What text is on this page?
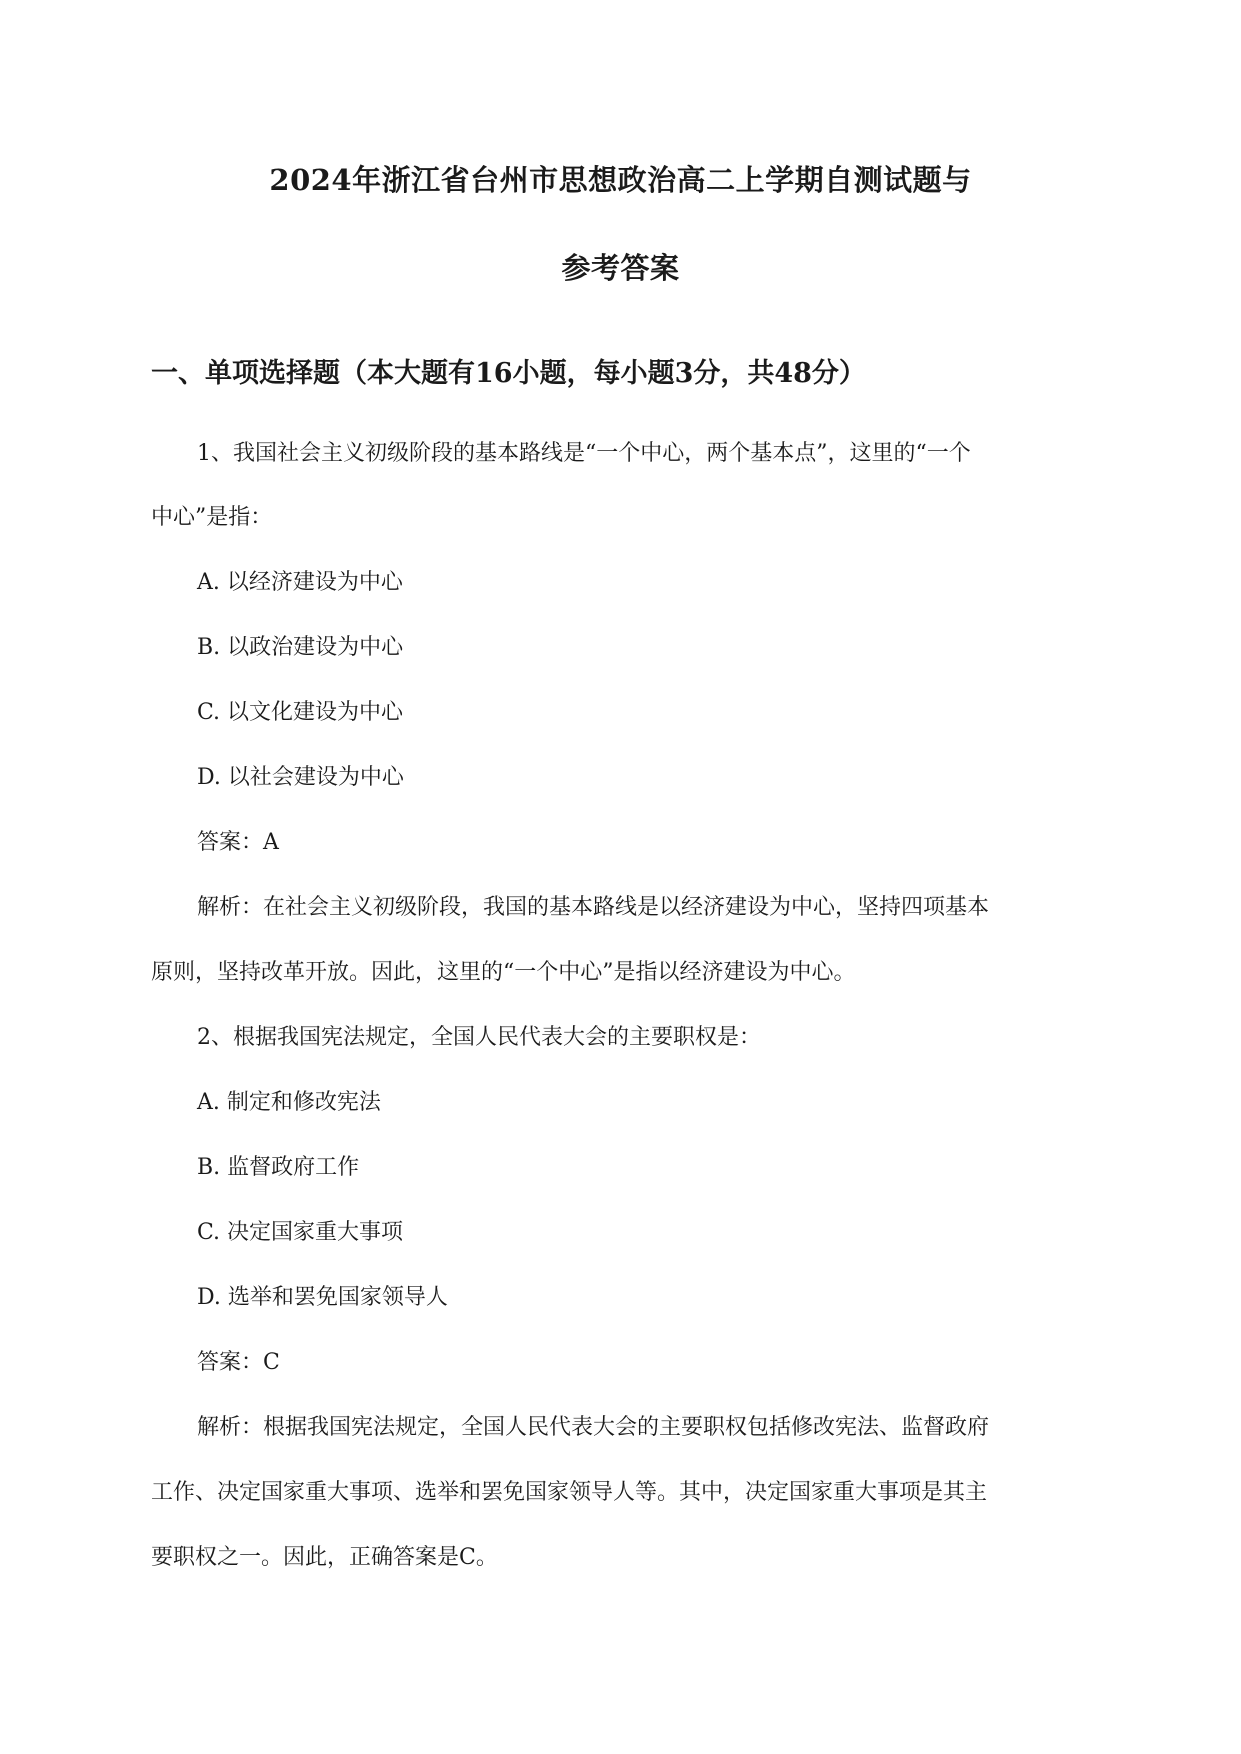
2024年浙江省台州市思想政治高二上学期自测试题与
参考答案
一、单项选择题（本大题有16小题，每小题3分，共48分）

1、我国社会主义初级阶段的基本路线是“一个中心，两个基本点”，这里的“一个

中心”是指：

A. 以经济建设为中心

B. 以政治建设为中心

C. 以文化建设为中心

D. 以社会建设为中心

答案：A

解析：在社会主义初级阶段，我国的基本路线是以经济建设为中心，坚持四项基本

原则，坚持改革开放。因此，这里的“一个中心”是指以经济建设为中心。

2、根据我国宪法规定，全国人民代表大会的主要职权是：

A. 制定和修改宪法

B. 监督政府工作

C. 决定国家重大事项

D. 选举和罢免国家领导人

答案：C

解析：根据我国宪法规定，全国人民代表大会的主要职权包括修改宪法、监督政府

工作、决定国家重大事项、选举和罢免国家领导人等。其中，决定国家重大事项是其主

要职权之一。因此，正确答案是C。
